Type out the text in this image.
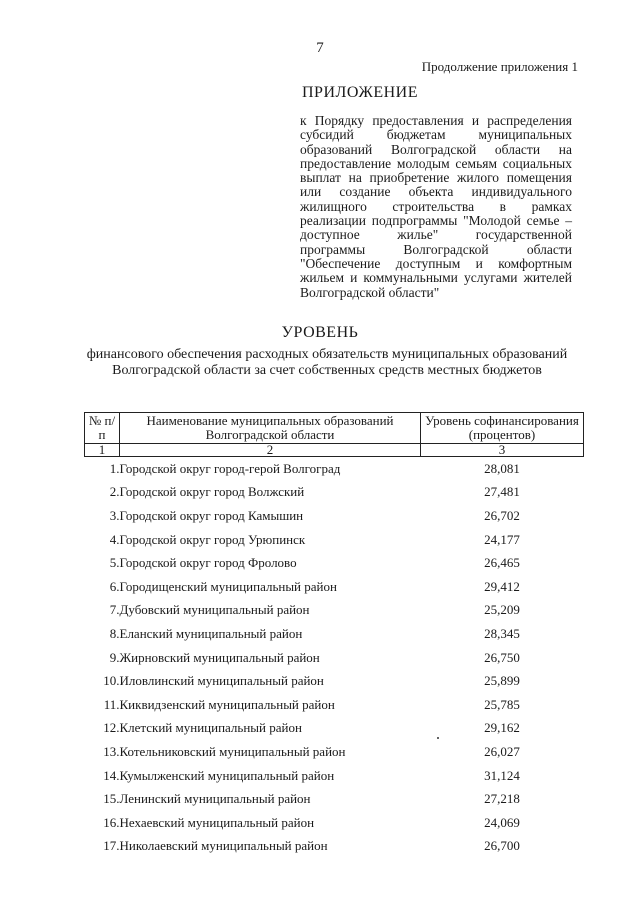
7
Продолжение приложения 1
ПРИЛОЖЕНИЕ
к Порядку предоставления и распределения субсидий бюджетам муниципальных образований Волгоградской области на предоставление молодым семьям социальных выплат на приобретение жилого помещения или создание объекта индивидуального жилищного строительства в рамках реализации подпрограммы "Молодой семье – доступное жилье" государственной программы Волгоградской области "Обеспечение доступным и комфортным жильем и коммунальными услугами жителей Волгоградской области"
УРОВЕНЬ
финансового обеспечения расходных обязательств муниципальных образований Волгоградской области за счет собственных средств местных бюджетов
№ п/п	Наименование муниципальных образований Волгоградской области	Уровень софинансирования (процентов)
1	2	3
1.	Городской округ город-герой Волгоград	28,081
2.	Городской округ город Волжский	27,481
3.	Городской округ город Камышин	26,702
4.	Городской округ город Урюпинск	24,177
5.	Городской округ город Фролово	26,465
6.	Городищенский муниципальный район	29,412
7.	Дубовский муниципальный район	25,209
8.	Еланский муниципальный район	28,345
9.	Жирновский муниципальный район	26,750
10.	Иловлинский муниципальный район	25,899
11.	Киквидзенский муниципальный район	25,785
12.	Клетский муниципальный район	29,162
13.	Котельниковский муниципальный район	26,027
14.	Кумылженский муниципальный район	31,124
15.	Ленинский муниципальный район	27,218
16.	Нехаевский муниципальный район	24,069
17.	Николаевский муниципальный район	26,700
